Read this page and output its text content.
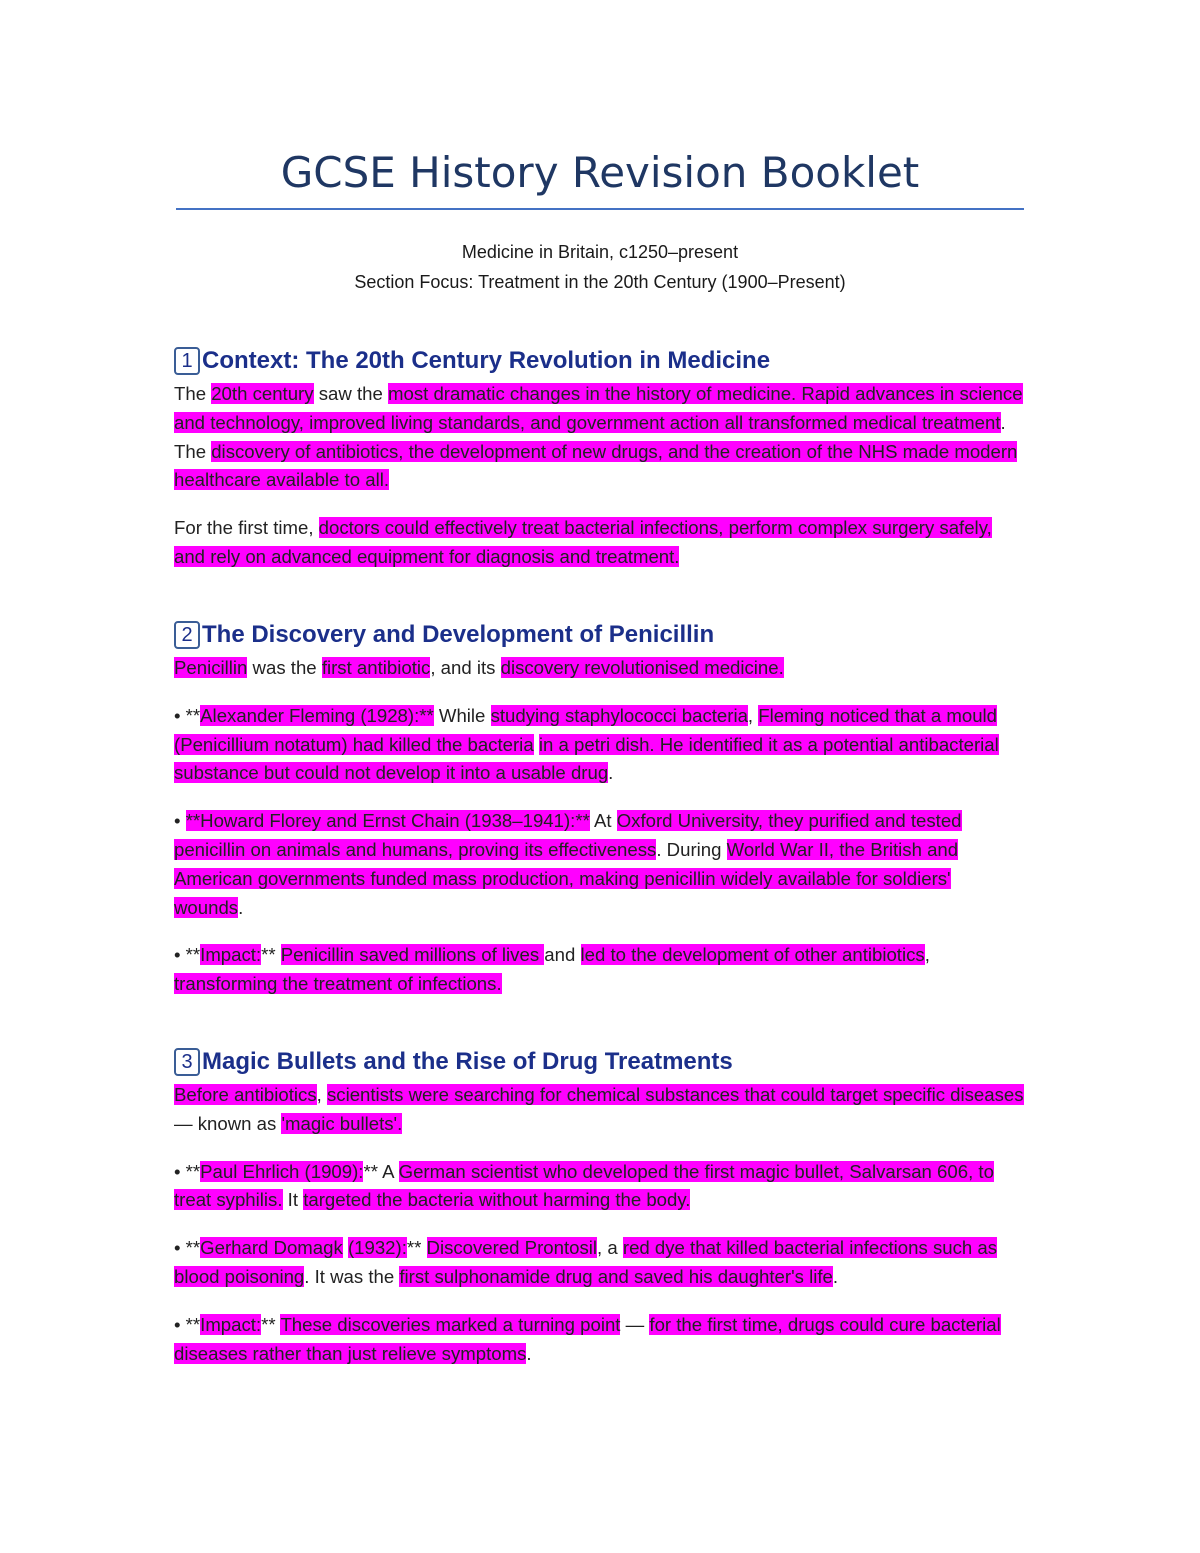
GCSE History Revision Booklet
Medicine in Britain, c1250–present
Section Focus: Treatment in the 20th Century (1900–Present)
1 Context: The 20th Century Revolution in Medicine

The 20th century saw the most dramatic changes in the history of medicine. Rapid advances in science and technology, improved living standards, and government action all transformed medical treatment. The discovery of antibiotics, the development of new drugs, and the creation of the NHS made modern healthcare available to all.

For the first time, doctors could effectively treat bacterial infections, perform complex surgery safely, and rely on advanced equipment for diagnosis and treatment.

2 The Discovery and Development of Penicillin

Penicillin was the first antibiotic, and its discovery revolutionised medicine.

• **Alexander Fleming (1928):** While studying staphylococci bacteria, Fleming noticed that a mould (Penicillium notatum) had killed the bacteria in a petri dish. He identified it as a potential antibacterial substance but could not develop it into a usable drug.

• **Howard Florey and Ernst Chain (1938–1941):** At Oxford University, they purified and tested penicillin on animals and humans, proving its effectiveness. During World War II, the British and American governments funded mass production, making penicillin widely available for soldiers' wounds.

• **Impact:** Penicillin saved millions of lives and led to the development of other antibiotics, transforming the treatment of infections.

3 Magic Bullets and the Rise of Drug Treatments

Before antibiotics, scientists were searching for chemical substances that could target specific diseases — known as 'magic bullets'.

• **Paul Ehrlich (1909):** A German scientist who developed the first magic bullet, Salvarsan 606, to treat syphilis. It targeted the bacteria without harming the body.

• **Gerhard Domagk (1932):** Discovered Prontosil, a red dye that killed bacterial infections such as blood poisoning. It was the first sulphonamide drug and saved his daughter's life.

• **Impact:** These discoveries marked a turning point — for the first time, drugs could cure bacterial diseases rather than just relieve symptoms.
